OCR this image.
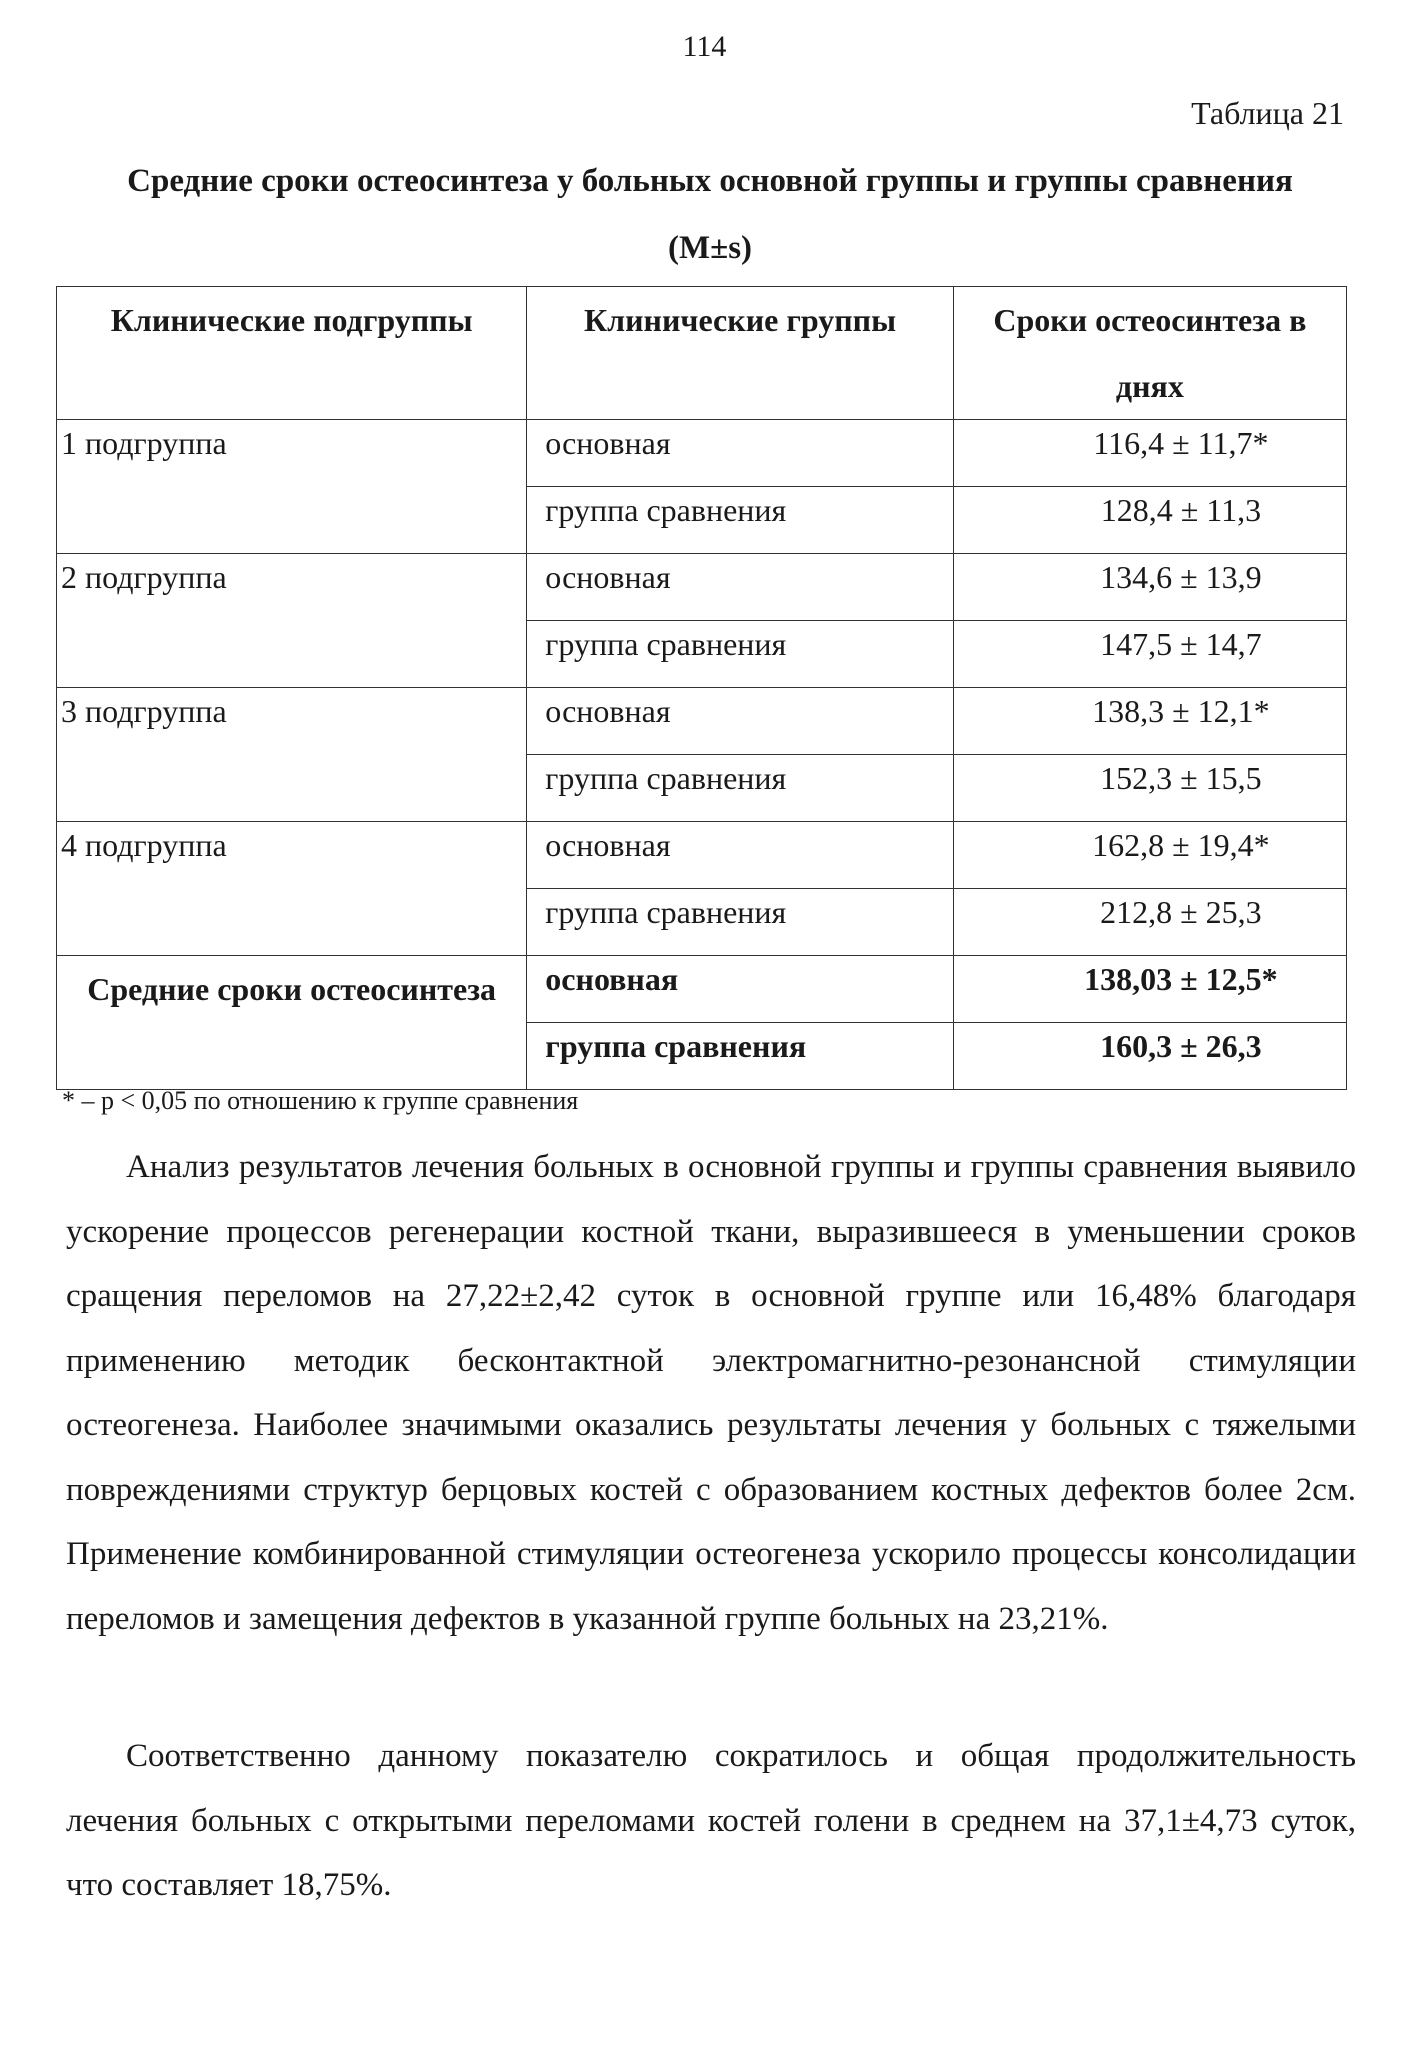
114
Таблица 21
Средние сроки остеосинтеза у больных основной группы и группы сравнения (M±s)
Клинические подгруппы	Клинические группы	Сроки остеосинтеза в днях
1 подгруппа	основная	116,4 ± 11,7*
	группа сравнения	128,4 ± 11,3
2 подгруппа	основная	134,6 ± 13,9
	группа сравнения	147,5 ± 14,7
3 подгруппа	основная	138,3 ± 12,1*
	группа сравнения	152,3 ± 15,5
4 подгруппа	основная	162,8 ± 19,4*
	группа сравнения	212,8 ± 25,3
Средние сроки остеосинтеза	основная	138,03 ± 12,5*
	группа сравнения	160,3 ± 26,3
* – p < 0,05 по отношению к группе сравнения

Анализ результатов лечения больных в основной группы и группы сравнения выявило ускорение процессов регенерации костной ткани, выразившееся в уменьшении сроков сращения переломов на 27,22±2,42 суток в основной группе или 16,48% благодаря применению методик бесконтактной электромагнитно-резонансной стимуляции остеогенеза. Наиболее значимыми оказались результаты лечения у больных с тяжелыми повреждениями структур берцовых костей с образованием костных дефектов более 2см. Применение комбинированной стимуляции остеогенеза ускорило процессы консолидации переломов и замещения дефектов в указанной группе больных на 23,21%.

Соответственно данному показателю сократилось и общая продолжительность лечения больных с открытыми переломами костей голени в среднем на 37,1±4,73 суток, что составляет 18,75%.
